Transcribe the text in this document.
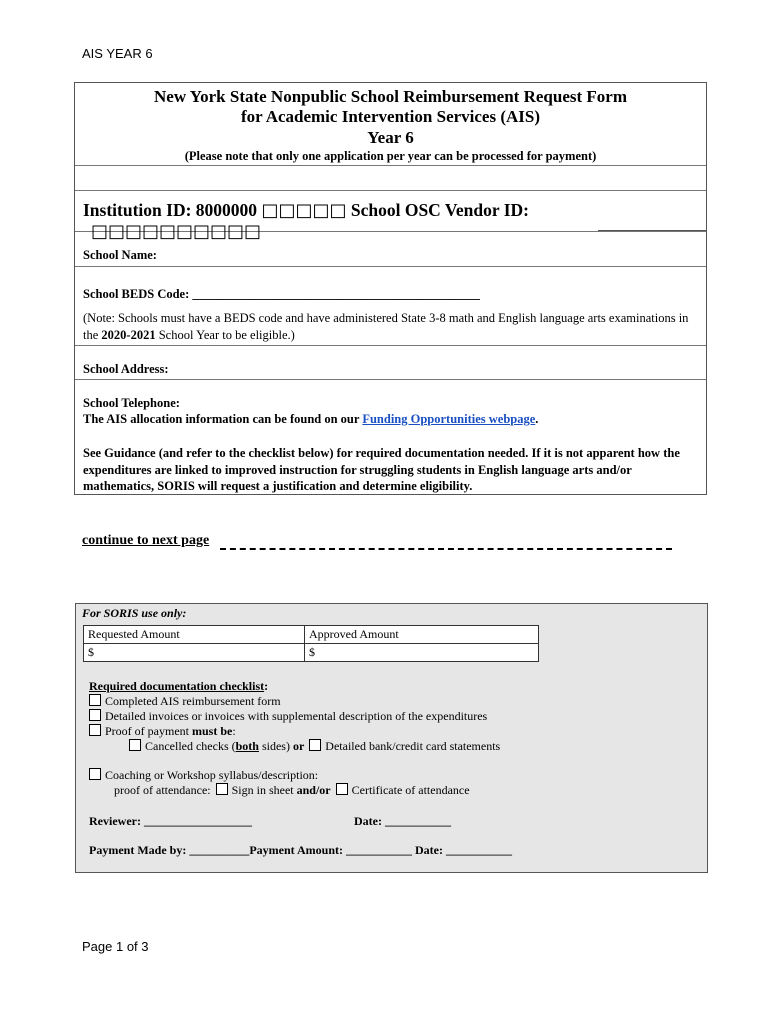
AIS YEAR 6
New York State Nonpublic School Reimbursement Request Form
for Academic Intervention Services (AIS)
Year 6
(Please note that only one application per year can be processed for payment)
Institution ID: 8000000 □□□□□ School OSC Vendor ID: □□□□□□□□□□
School Name:
School BEDS Code: ______________________________________________
(Note: Schools must have a BEDS code and have administered State 3-8 math and English language arts examinations in the 2020-2021 School Year to be eligible.)
School Address:
School Telephone:
The AIS allocation information can be found on our Funding Opportunities webpage.
See Guidance (and refer to the checklist below) for required documentation needed. If it is not apparent how the expenditures are linked to improved instruction for struggling students in English language arts and/or mathematics, SORIS will request a justification and determine eligibility.
continue to next page
For SORIS use only:
Requested Amount	Approved Amount
$	$
Required documentation checklist:
Completed AIS reimbursement form
Detailed invoices or invoices with supplemental description of the expenditures
Proof of payment must be:
Cancelled checks (both sides) or Detailed bank/credit card statements
Coaching or Workshop syllabus/description:
proof of attendance: Sign in sheet and/or Certificate of attendance
Reviewer: __________________	Date: ___________
Payment Made by: __________Payment Amount: ___________ Date: ___________
Page 1 of 3
